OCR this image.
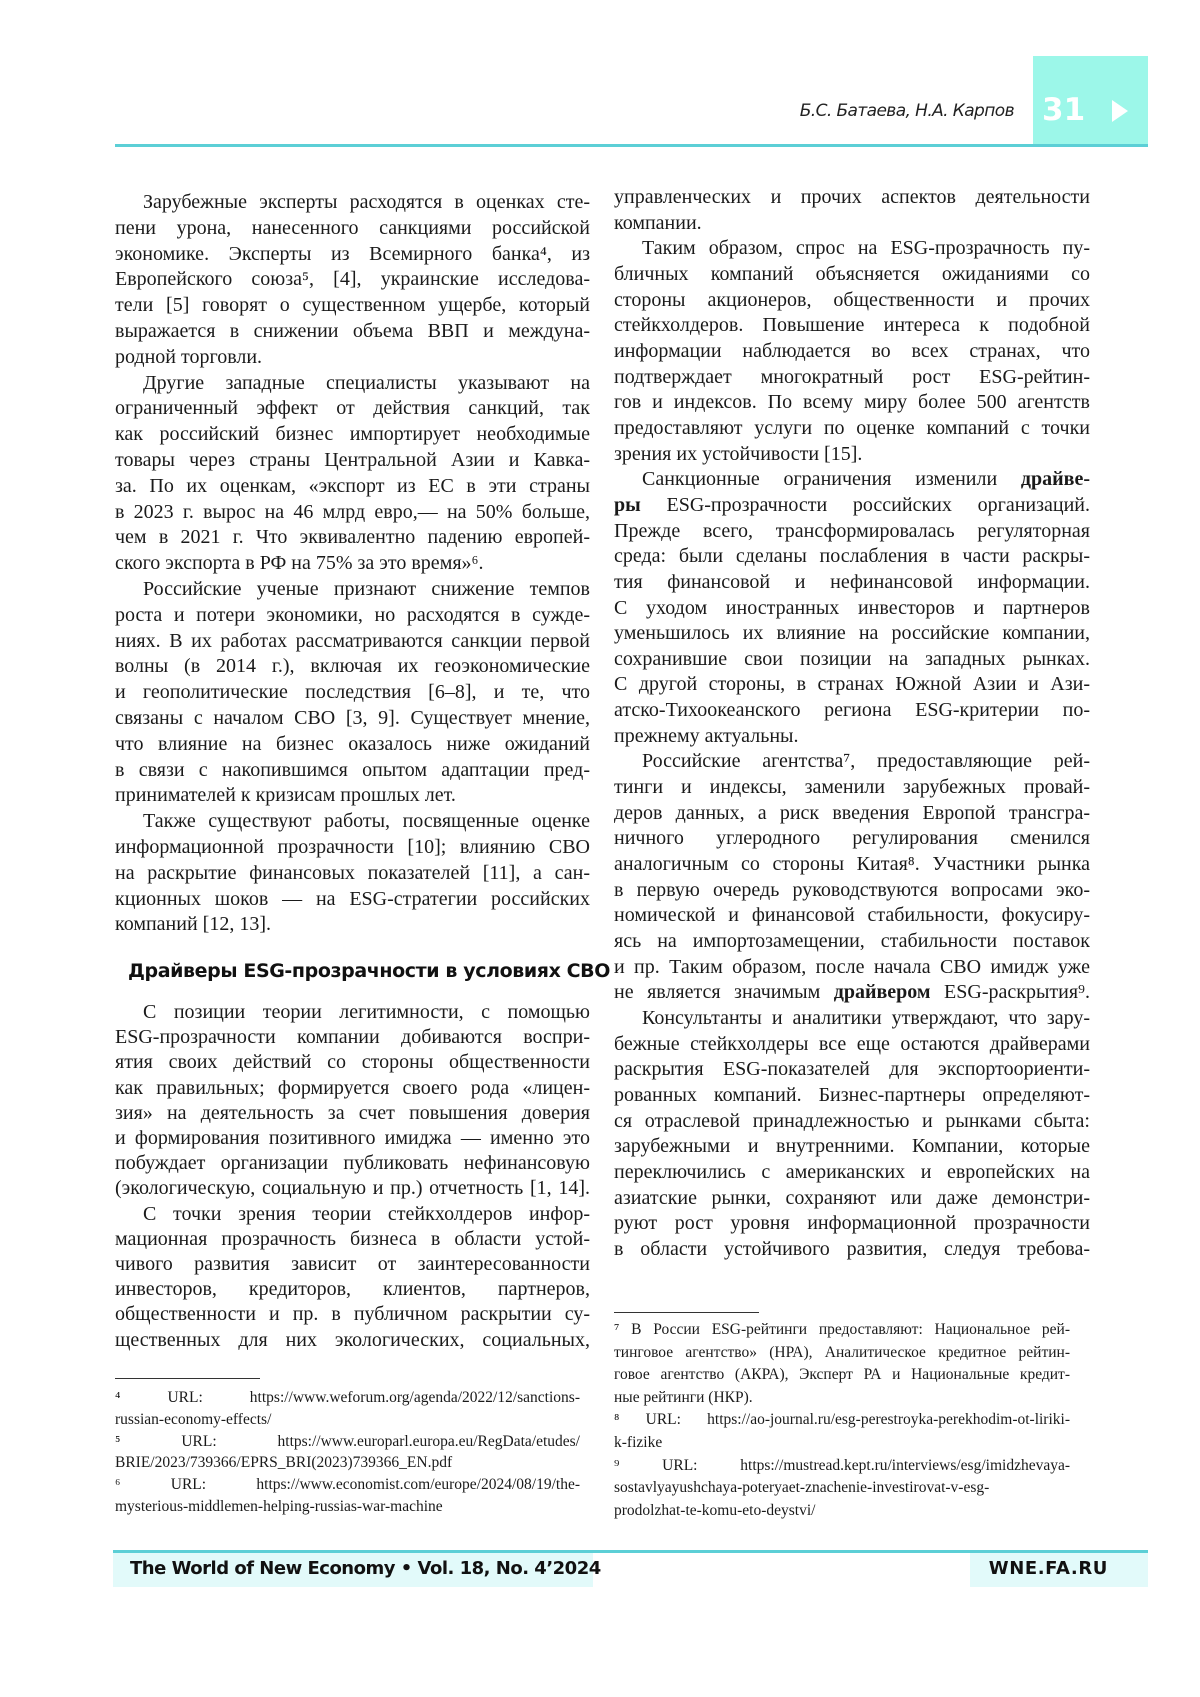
31
Б.С. Батаева, Н.А. Карпов
Зарубежные эксперты расходятся в оценках сте-
пени урона, нанесенного санкциями российской
экономике. Эксперты из Всемирного банка⁴, из
Европейского союза⁵, [4], украинские исследова-
тели [5] говорят о существенном ущербе, который
выражается в снижении объема ВВП и междуна-
родной торговли.
Другие западные специалисты указывают на
ограниченный эффект от действия санкций, так
как российский бизнес импортирует необходимые
товары через страны Центральной Азии и Кавка-
за. По их оценкам, «экспорт из ЕС в эти страны
в 2023 г. вырос на 46 млрд евро,— на 50% больше,
чем в 2021 г. Что эквивалентно падению европей-
ского экспорта в РФ на 75% за это время»⁶.
Российские ученые признают снижение темпов
роста и потери экономики, но расходятся в сужде-
ниях. В их работах рассматриваются санкции первой
волны (в 2014 г.), включая их геоэкономические
и геополитические последствия [6–8], и те, что
связаны с началом СВО [3, 9]. Существует мнение,
что влияние на бизнес оказалось ниже ожиданий
в связи с накопившимся опытом адаптации пред-
принимателей к кризисам прошлых лет.
Также существуют работы, посвященные оценке
информационной прозрачности [10]; влиянию СВО
на раскрытие финансовых показателей [11], а сан-
кционных шоков — на ESG-стратегии российских
компаний [12, 13].
Драйверы ESG-прозрачности в условиях СВО
С позиции теории легитимности, с помощью
ESG-прозрачности компании добиваются воспри-
ятия своих действий со стороны общественности
как правильных; формируется своего рода «лицен-
зия» на деятельность за счет повышения доверия
и формирования позитивного имиджа — именно это
побуждает организации публиковать нефинансовую
(экологическую, социальную и пр.) отчетность [1, 14].
С точки зрения теории стейкхолдеров инфор-
мационная прозрачность бизнеса в области устой-
чивого развития зависит от заинтересованности
инвесторов, кредиторов, клиентов, партнеров,
общественности и пр. в публичном раскрытии су-
щественных для них экологических, социальных,
⁴ URL: https://www.weforum.org/agenda/2022/12/sanctions-
russian-economy-effects/
⁵ URL: https://www.europarl.europa.eu/RegData/etudes/
BRIE/2023/739366/EPRS_BRI(2023)739366_EN.pdf
⁶ URL: https://www.economist.com/europe/2024/08/19/the-
mysterious-middlemen-helping-russias-war-machine
управленческих и прочих аспектов деятельности
компании.
Таким образом, спрос на ESG-прозрачность пу-
бличных компаний объясняется ожиданиями со
стороны акционеров, общественности и прочих
стейкхолдеров. Повышение интереса к подобной
информации наблюдается во всех странах, что
подтверждает многократный рост ESG-рейтин-
гов и индексов. По всему миру более 500 агентств
предоставляют услуги по оценке компаний с точки
зрения их устойчивости [15].
Санкционные ограничения изменили драйве-
ры ESG-прозрачности российских организаций.
Прежде всего, трансформировалась регуляторная
среда: были сделаны послабления в части раскры-
тия финансовой и нефинансовой информации.
С уходом иностранных инвесторов и партнеров
уменьшилось их влияние на российские компании,
сохранившие свои позиции на западных рынках.
С другой стороны, в странах Южной Азии и Ази-
атско-Тихоокеанского региона ESG-критерии по-
прежнему актуальны.
Российские агентства⁷, предоставляющие рей-
тинги и индексы, заменили зарубежных провай-
деров данных, а риск введения Европой трансгра-
ничного углеродного регулирования сменился
аналогичным со стороны Китая⁸. Участники рынка
в первую очередь руководствуются вопросами эко-
номической и финансовой стабильности, фокусиру-
ясь на импортозамещении, стабильности поставок
и пр. Таким образом, после начала СВО имидж уже
не является значимым драйвером ESG-раскрытия⁹.
Консультанты и аналитики утверждают, что зару-
бежные стейкхолдеры все еще остаются драйверами
раскрытия ESG-показателей для экспортоориенти-
рованных компаний. Бизнес-партнеры определяют-
ся отраслевой принадлежностью и рынками сбыта:
зарубежными и внутренними. Компании, которые
переключились с американских и европейских на
азиатские рынки, сохраняют или даже демонстри-
руют рост уровня информационной прозрачности
в области устойчивого развития, следуя требова-
⁷ В России ESG-рейтинги предоставляют: Национальное рей-
тинговое агентство» (НРА), Аналитическое кредитное рейтин-
говое агентство (АКРА), Эксперт РА и Национальные кредит-
ные рейтинги (НКР).
⁸ URL: https://ao-journal.ru/esg-perestroyka-perekhodim-ot-liriki-
k-fizike
⁹ URL: https://mustread.kept.ru/interviews/esg/imidzhevaya-
sostavlyayushchaya-poteryaet-znachenie-investirovat-v-esg-
prodolzhat-te-komu-eto-deystvi/
The World of New Economy • Vol. 18, No. 4’2024	WNE.FA.RU
